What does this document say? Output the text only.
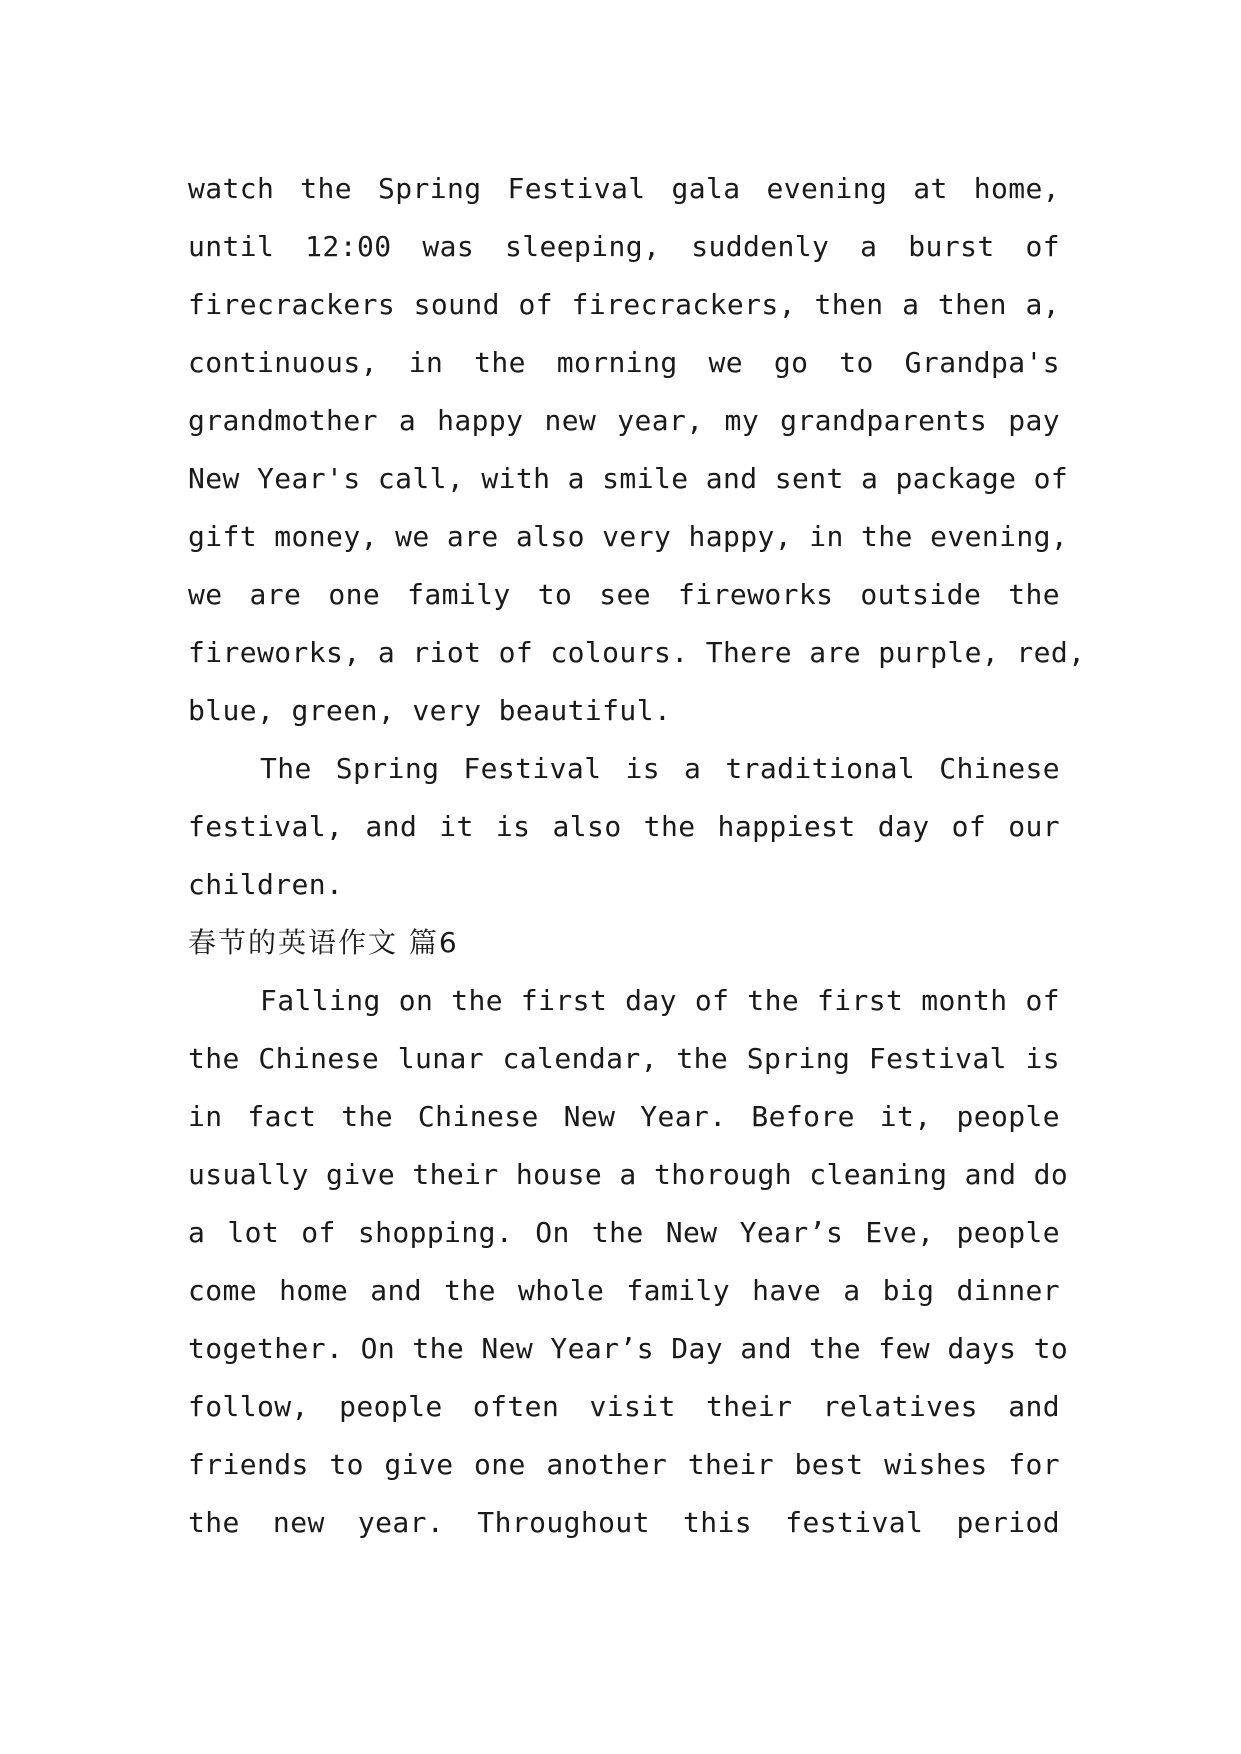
watch the Spring Festival gala evening at home,
until 12:00 was sleeping, suddenly a burst of
firecrackers sound of firecrackers, then a then a,
continuous, in the morning we go to Grandpa's
grandmother a happy new year, my grandparents pay
New Year's call, with a smile and sent a package of
gift money, we are also very happy, in the evening,
we are one family to see fireworks outside the
fireworks, a riot of colours. There are purple, red,
blue, green, very beautiful.
The Spring Festival is a traditional Chinese
festival, and it is also the happiest day of our
children.
春节的英语作文 篇6
Falling on the first day of the first month of
the Chinese lunar calendar, the Spring Festival is
in fact the Chinese New Year. Before it, people
usually give their house a thorough cleaning and do
a lot of shopping. On the New Year’s Eve, people
come home and the whole family have a big dinner
together. On the New Year’s Day and the few days to
follow, people often visit their relatives and
friends to give one another their best wishes for
the new year. Throughout this festival period
